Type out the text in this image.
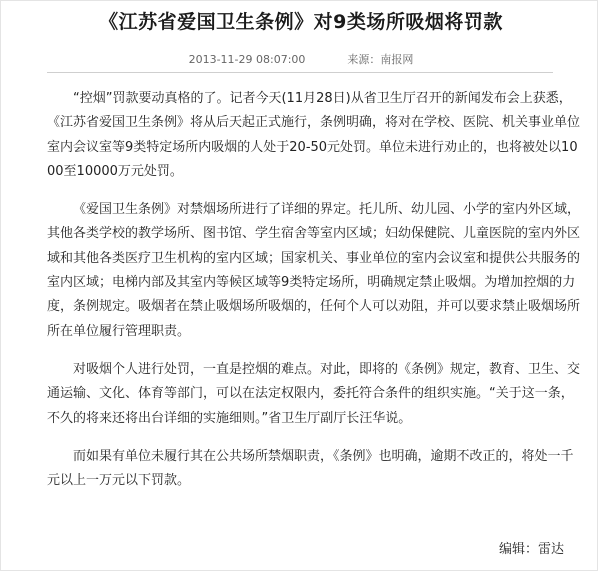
《江苏省爱国卫生条例》对9类场所吸烟将罚款
2013-11-29 08:07:00	来源：南报网

“控烟”罚款要动真格的了。记者今天(11月28日)从省卫生厅召开的新闻发布会上获悉，《江苏省爱国卫生条例》将从后天起正式施行，条例明确，将对在学校、医院、机关事业单位室内会议室等9类特定场所内吸烟的人处于20-50元处罚。单位未进行劝止的，也将被处以1000至10000万元处罚。

《爱国卫生条例》对禁烟场所进行了详细的界定。托儿所、幼儿园、小学的室内外区域，其他各类学校的教学场所、图书馆、学生宿舍等室内区域；妇幼保健院、儿童医院的室内外区域和其他各类医疗卫生机构的室内区域；国家机关、事业单位的室内会议室和提供公共服务的室内区域；电梯内部及其室内等候区域等9类特定场所，明确规定禁止吸烟。为增加控烟的力度，条例规定。吸烟者在禁止吸烟场所吸烟的，任何个人可以劝阻，并可以要求禁止吸烟场所所在单位履行管理职责。

对吸烟个人进行处罚，一直是控烟的难点。对此，即将的《条例》规定，教育、卫生、交通运输、文化、体育等部门，可以在法定权限内，委托符合条件的组织实施。“关于这一条，不久的将来还将出台详细的实施细则。”省卫生厅副厅长汪华说。

而如果有单位未履行其在公共场所禁烟职责，《条例》也明确，逾期不改正的，将处一千元以上一万元以下罚款。

编辑：雷达
